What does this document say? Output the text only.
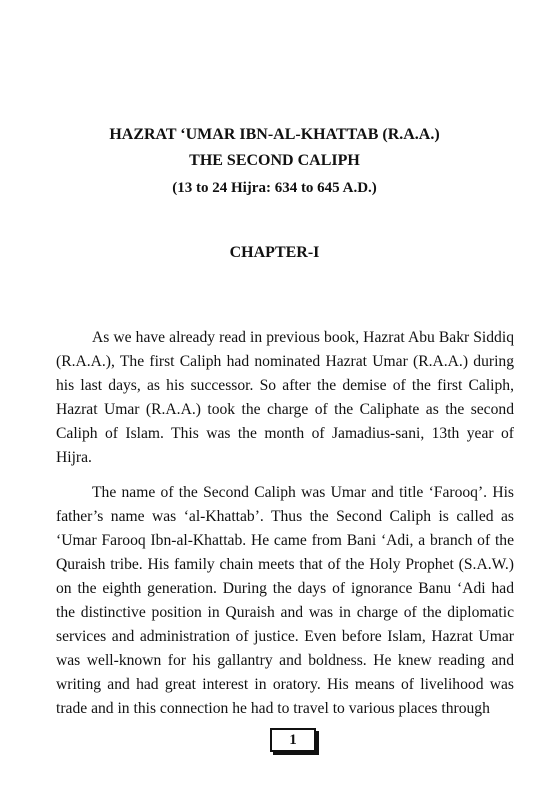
HAZRAT ‘UMAR IBN-AL-KHATTAB (R.A.A.)
THE SECOND CALIPH
(13 to 24 Hijra: 634 to 645 A.D.)
CHAPTER-I

As we have already read in previous book, Hazrat Abu Bakr Siddiq (R.A.A.), The first Caliph had nominated Hazrat Umar (R.A.A.) during his last days, as his successor. So after the demise of the first Caliph, Hazrat Umar (R.A.A.) took the charge of the Caliphate as the second Caliph of Islam. This was the month of Jamadius-sani, 13th year of Hijra.

The name of the Second Caliph was Umar and title ‘Farooq’. His father’s name was ‘al-Khattab’. Thus the Second Caliph is called as ‘Umar Farooq Ibn-al-Khattab. He came from Bani ‘Adi, a branch of the Quraish tribe. His family chain meets that of the Holy Prophet (S.A.W.) on the eighth generation. During the days of ignorance Banu ‘Adi had the distinctive position in Quraish and was in charge of the diplomatic services and administration of justice. Even before Islam, Hazrat Umar was well-known for his gallantry and boldness. He knew reading and writing and had great interest in oratory. His means of livelihood was trade and in this connection he had to travel to various places through

1
